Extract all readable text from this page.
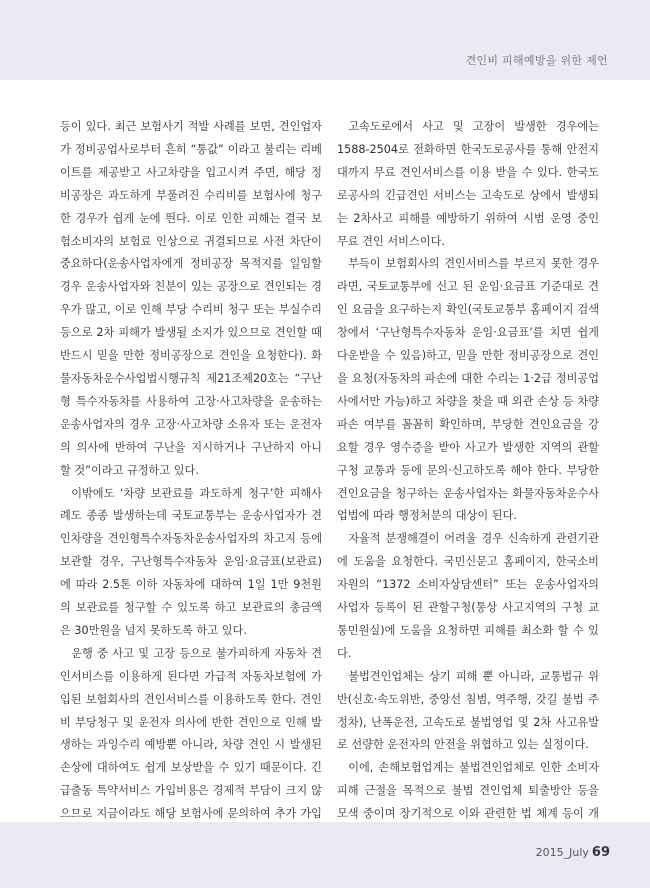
견인비 피해예방을 위한 제언

등이 있다. 최근 보험사기 적발 사례를 보면, 견인업자가 정비공업사로부터 흔히 “통값” 이라고 불리는 리베이트를 제공받고 사고차량을 입고시켜 주면, 해당 정비공장은 과도하게 부풀려진 수리비를 보험사에 청구한 경우가 쉽게 눈에 띈다. 이로 인한 피해는 결국 보험소비자의 보험료 인상으로 귀결되므로 사전 차단이 중요하다(운송사업자에게 정비공장 목적지를 일임할 경우 운송사업자와 친분이 있는 공장으로 견인되는 경우가 많고, 이로 인해 부당 수리비 청구 또는 부실수리 등으로 2차 피해가 발생될 소지가 있으므로 견인할 때 반드시 믿을 만한 정비공장으로 견인을 요청한다). 화물자동차운수사업법시행규칙 제21조제20호는 “구난형 특수자동차를 사용하여 고장·사고차량을 운송하는 운송사업자의 경우 고장·사고차량 소유자 또는 운전자의 의사에 반하여 구난을 지시하거나 구난하지 아니 할 것”이라고 규정하고 있다.

이밖에도 ‘차량 보관료를 과도하게 청구’한 피해사례도 종종 발생하는데 국토교통부는 운송사업자가 견인차량을 견인형특수자동차운송사업자의 차고지 등에 보관할 경우, 구난형특수자동차 운임·요금표(보관료)에 따라 2.5톤 이하 자동차에 대하여 1일 1만 9천원의 보관료를 청구할 수 있도록 하고 보관료의 총금액은 30만원을 넘지 못하도록 하고 있다.

운행 중 사고 및 고장 등으로 불가피하게 자동차 견인서비스를 이용하게 된다면 가급적 자동차보험에 가입된 보험회사의 견인서비스를 이용하도록 한다. 견인비 부당청구 및 운전자 의사에 반한 견인으로 인해 발생하는 과잉수리 예방뿐 아니라, 차량 견인 시 발생된 손상에 대하여도 쉽게 보상받을 수 있기 때문이다. 긴급출동 특약서비스 가입비용은 경제적 부담이 크지 않으므로 지금이라도 해당 보험사에 문의하여 추가 가입

고속도로에서 사고 및 고장이 발생한 경우에는 1588-2504로 전화하면 한국도로공사를 통해 안전지대까지 무료 견인서비스를 이용 받을 수 있다. 한국도로공사의 긴급견인 서비스는 고속도로 상에서 발생되는 2차사고 피해를 예방하기 위하여 시범 운영 중인 무료 견인 서비스이다.

부득이 보험회사의 견인서비스를 부르지 못한 경우라면, 국토교통부에 신고 된 운임·요금표 기준대로 견인 요금을 요구하는지 확인(국토교통부 홈페이지 검색창에서 ‘구난형특수자동차 운임·요금표’를 치면 쉽게 다운받을 수 있음)하고, 믿을 만한 정비공장으로 견인을 요청(자동차의 파손에 대한 수리는 1·2급 정비공업사에서만 가능)하고 차량을 찾을 때 외관 손상 등 차량 파손 여부를 꼼꼼히 확인하며, 부당한 견인요금을 강요할 경우 영수증을 받아 사고가 발생한 지역의 관할구청 교통과 등에 문의·신고하도록 해야 한다. 부당한 견인요금을 청구하는 운송사업자는 화물자동차운수사업법에 따라 행정처분의 대상이 된다.

자율적 분쟁해결이 어려울 경우 신속하게 관련기관에 도움을 요청한다. 국민신문고 홈페이지, 한국소비자원의 “1372 소비자상담센터” 또는 운송사업자의 사업자 등록이 된 관할구청(통상 사고지역의 구청 교통민원실)에 도움을 요청하면 피해를 최소화 할 수 있다.

불법견인업체는 상기 피해 뿐 아니라, 교통법규 위반(신호·속도위반, 중앙선 침범, 역주행, 갓길 불법 주정차), 난폭운전, 고속도로 불법영업 및 2차 사고유발로 선량한 운전자의 안전을 위협하고 있는 실정이다.

이에, 손해보험업계는 불법견인업체로 인한 소비자 피해 근절을 목적으로 불법 견인업체 퇴출방안 등을 모색 중이며 장기적으로 이와 관련한 법 체계 등이 개

2015_July 69
